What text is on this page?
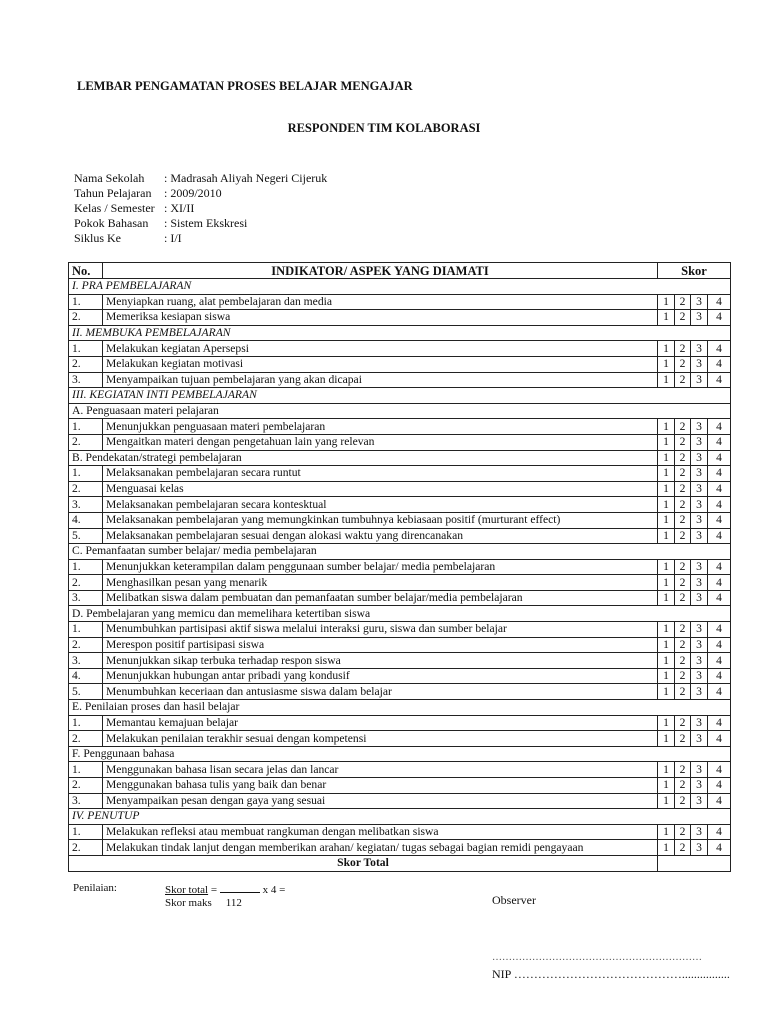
LEMBAR PENGAMATAN PROSES BELAJAR MENGAJAR
RESPONDEN TIM KOLABORASI
Nama Sekolah : Madrasah Aliyah Negeri Cijeruk
Tahun Pelajaran : 2009/2010
Kelas / Semester : XI/II
Pokok Bahasan : Sistem Ekskresi
Siklus Ke	: I/I
No.	INDIKATOR/ ASPEK YANG DIAMATI	Skor			
I. PRA PEMBELAJARAN					
1.	Menyiapkan ruang, alat pembelajaran dan media	1	2	3	4
2.	Memeriksa kesiapan siswa	1	2	3	4
II. MEMBUKA PEMBELAJARAN					
1.	Melakukan kegiatan Apersepsi	1	2	3	4
2.	Melakukan kegiatan motivasi	1	2	3	4
3.	Menyampaikan tujuan pembelajaran yang akan dicapai	1	2	3	4
III. KEGIATAN INTI PEMBELAJARAN					
A. Penguasaan materi pelajaran					
1.	Menunjukkan penguasaan materi pembelajaran	1	2	3	4
2.	Mengaitkan materi dengan pengetahuan lain yang relevan	1	2	3	4
B. Pendekatan/strategi pembelajaran		1	2	3	4
1.	Melaksanakan pembelajaran secara runtut	1	2	3	4
2.	Menguasai kelas	1	2	3	4
3.	Melaksanakan pembelajaran secara kontesktual	1	2	3	4
4.	Melaksanakan pembelajaran yang memungkinkan tumbuhnya kebiasaan positif (murturant effect)	1	2	3	4
5.	Melaksanakan pembelajaran sesuai dengan alokasi waktu yang direncanakan	1	2	3	4
C. Pemanfaatan sumber belajar/ media pembelajaran					
1.	Menunjukkan keterampilan dalam penggunaan sumber belajar/ media pembelajaran	1	2	3	4
2.	Menghasilkan pesan yang menarik	1	2	3	4
3.	Melibatkan siswa dalam pembuatan dan pemanfaatan sumber belajar/media pembelajaran	1	2	3	4
D. Pembelajaran yang memicu dan memelihara ketertiban siswa					
1.	Menumbuhkan partisipasi aktif siswa melalui interaksi guru, siswa dan sumber belajar	1	2	3	4
2.	Merespon positif partisipasi siswa	1	2	3	4
3.	Menunjukkan sikap terbuka terhadap respon siswa	1	2	3	4
4.	Menunjukkan hubungan antar pribadi yang kondusif	1	2	3	4
5.	Menumbuhkan keceriaan dan antusiasme siswa dalam belajar	1	2	3	4
E. Penilaian proses dan hasil belajar					
1.	Memantau kemajuan belajar	1	2	3	4
2.	Melakukan penilaian terakhir sesuai dengan kompetensi	1	2	3	4
F. Penggunaan bahasa					
1.	Menggunakan bahasa lisan secara jelas dan lancar	1	2	3	4
2.	Menggunakan bahasa tulis yang baik dan benar	1	2	3	4
3.	Menyampaikan pesan dengan gaya yang sesuai	1	2	3	4
IV. PENUTUP					
1.	Melakukan refleksi atau membuat rangkuman dengan melibatkan siswa	1	2	3	4
2.	Melakukan tindak lanjut dengan memberikan arahan/ kegiatan/ tugas sebagai bagian remidi pengayaan	1	2	3	4
Skor Total					
Penilaian:	Skor total =	x 4 =
Skor maks 112	Observer
………………………………………………………
NIP ……………………………………................
